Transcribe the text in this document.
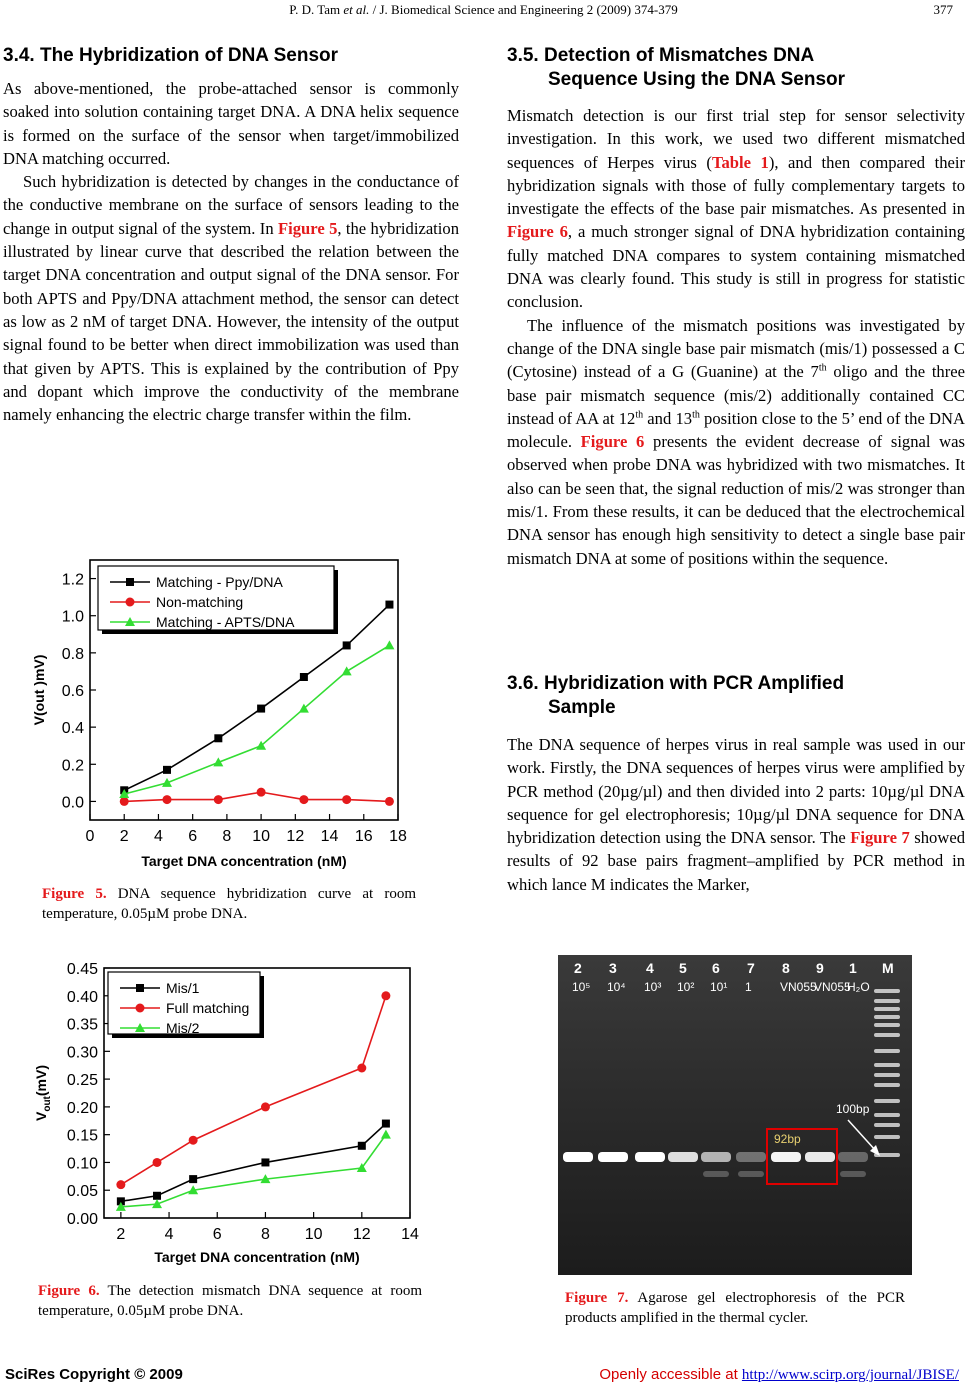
P. D. Tam et al. / J. Biomedical Science and Engineering 2 (2009) 374-379	377
3.4. The Hybridization of DNA Sensor

As above-mentioned, the probe-attached sensor is commonly soaked into solution containing target DNA. A DNA helix sequence is formed on the surface of the sensor when target/immobilized DNA matching occurred.

Such hybridization is detected by changes in the conductance of the conductive membrane on the surface of sensors leading to the change in output signal of the system. In Figure 5, the hybridization illustrated by linear curve that described the relation between the target DNA concentration and output signal of the DNA sensor. For both APTS and Ppy/DNA attachment method, the sensor can detect as low as 2 nM of target DNA. However, the intensity of the output signal found to be better when direct immobilization was used than that given by APTS. This is explained by the contribution of Ppy and dopant which improve the conductivity of the membrane namely enhancing the electric charge transfer within the film.

0 2 4 6 8 10 12 14 16 18
0.0
0.2
0.4
0.6
0.8
1.0
1.2
Target DNA concentration (nM)
V(out )mV)
Matching - Ppy/DNA
Non-matching
Matching - APTS/DNA
Figure 5. DNA sequence hybridization curve at room temperature, 0.05µM probe DNA.
2 4 6 8 10 12 14
0.00
0.05
0.10
0.15
0.20
0.25
0.30
0.35
0.40
0.45
Target DNA concentration (nM)
$V_{out}(mV)$
Mis/1
Full matching
Mis/2
Figure 6. The detection mismatch DNA sequence at room temperature, 0.05µM probe DNA.
3.5. Detection of Mismatches DNA
Sequence Using the DNA Sensor

Mismatch detection is our first trial step for sensor selectivity investigation. In this work, we used two different mismatched sequences of Herpes virus (Table 1), and then compared their hybridization signals with those of fully complementary targets to investigate the effects of the base pair mismatches. As presented in Figure 6, a much stronger signal of DNA hybridization containing fully matched DNA compares to system containing mismatched DNA was clearly found. This study is still in progress for statistic conclusion.

The influence of the mismatch positions was investigated by change of the DNA single base pair mismatch (mis/1) possessed a C (Cytosine) instead of a G (Guanine) at the 7th oligo and the three base pair mismatch sequence (mis/2) additionally contained CC instead of AA at 12th and 13th position close to the 5’ end of the DNA molecule. Figure 6 presents the evident decrease of signal was observed when probe DNA was hybridized with two mismatches. It also can be seen that, the signal reduction of mis/2 was stronger than mis/1. From these results, it can be deduced that the electrochemical DNA sensor has enough high sensitivity to detect a single base pair mismatch DNA at some of positions within the sequence.

3.6. Hybridization with PCR Amplified
Sample

The DNA sequence of herpes virus in real sample was used in our work. Firstly, the DNA sequences of herpes virus were amplified by PCR method (20µg/µl) and then divided into 2 parts: 10µg/µl DNA sequence for gel electrophoresis; 10µg/µl DNA sequence for DNA hybridization detection using the DNA sensor. The Figure 7 showed results of 92 base pairs fragment–amplified by PCR method in which lance M indicates the Marker,

2 3 4 5 6 7 8 9 1 M
10⁵ 10⁴ 10³ 10² 10¹ 1 VN055
VN055
H₂O
92bp
100bp
Figure 7. Agarose gel electrophoresis of the PCR products amplified in the thermal cycler.
SciRes Copyright © 2009	Openly accessible at http://www.scirp.org/journal/JBISE/
